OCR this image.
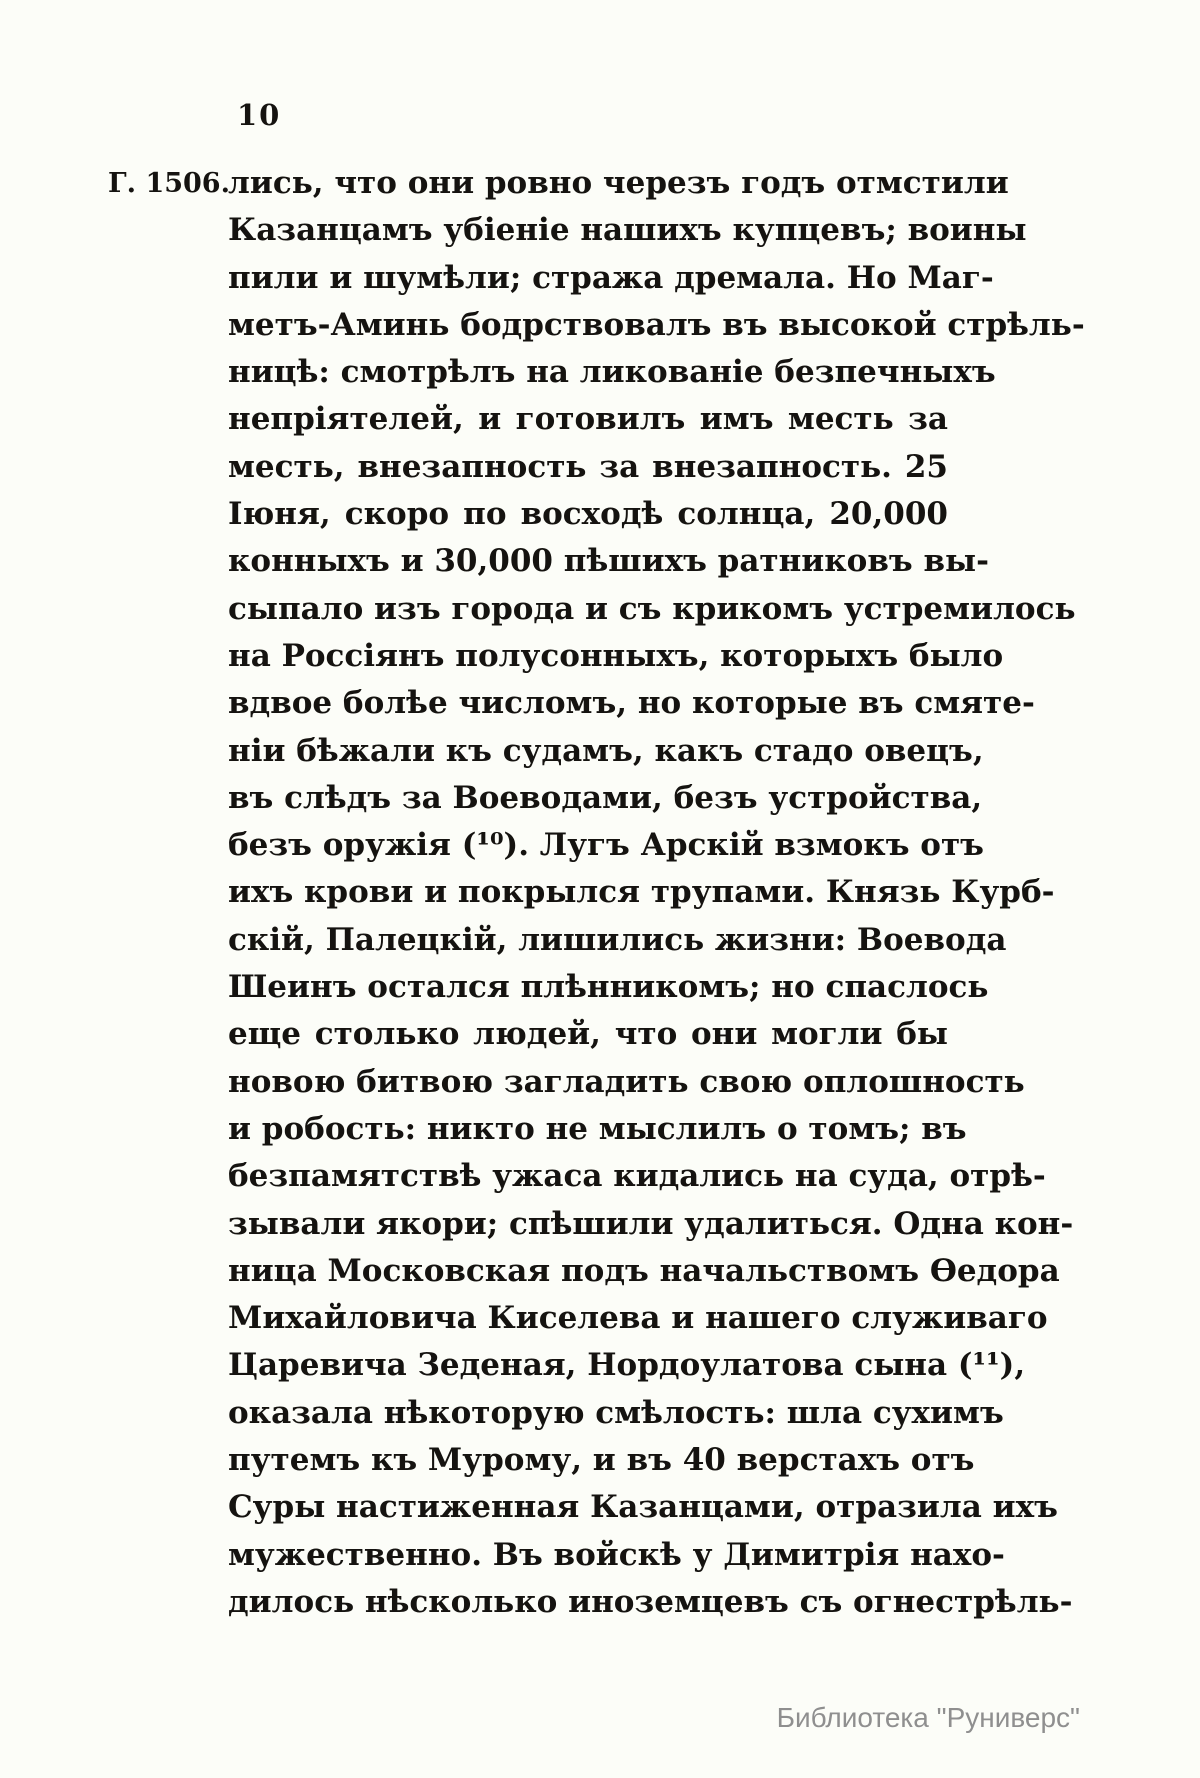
10
Г. 1506.
лись, что они ровно черезъ годъ отмстили
Казанцамъ убіеніе нашихъ купцевъ; воины
пили и шумѣли; стража дремала. Но Маг-
метъ-Аминь бодрствовалъ въ высокой стрѣль-
ницѣ: смотрѣлъ на ликованіе безпечныхъ
непріятелей, и готовилъ имъ месть за
месть, внезапность за внезапность. 25
Іюня, скоро по восходѣ солнца, 20,000
конныхъ и 30,000 пѣшихъ ратниковъ вы-
сыпало изъ города и съ крикомъ устремилось
на Россіянъ полусонныхъ, которыхъ было
вдвое болѣе числомъ, но которые въ смяте-
ніи бѣжали къ судамъ, какъ стадо овецъ,
въ слѣдъ за Воеводами, безъ устройства,
безъ оружія (¹⁰). Лугъ Арскій взмокъ отъ
ихъ крови и покрылся трупами. Князь Курб-
скій, Палецкій, лишились жизни: Воевода
Шеинъ остался плѣнникомъ; но спаслось
еще столько людей, что они могли бы
новою битвою загладить свою оплошность
и робость: никто не мыслилъ о томъ; въ
безпамятствѣ ужаса кидались на суда, отрѣ-
зывали якори; спѣшили удалиться. Одна кон-
ница Московская подъ начальствомъ Ѳедора
Михайловича Киселева и нашего служиваго
Царевича Зеденая, Нордоулатова сына (¹¹),
оказала нѣкоторую смѣлость: шла сухимъ
путемъ къ Мурому, и въ 40 верстахъ отъ
Суры настиженная Казанцами, отразила ихъ
мужественно. Въ войскѣ у Димитрія нахо-
дилось нѣсколько иноземцевъ съ огнестрѣль-
Библиотека "Руниверс"
